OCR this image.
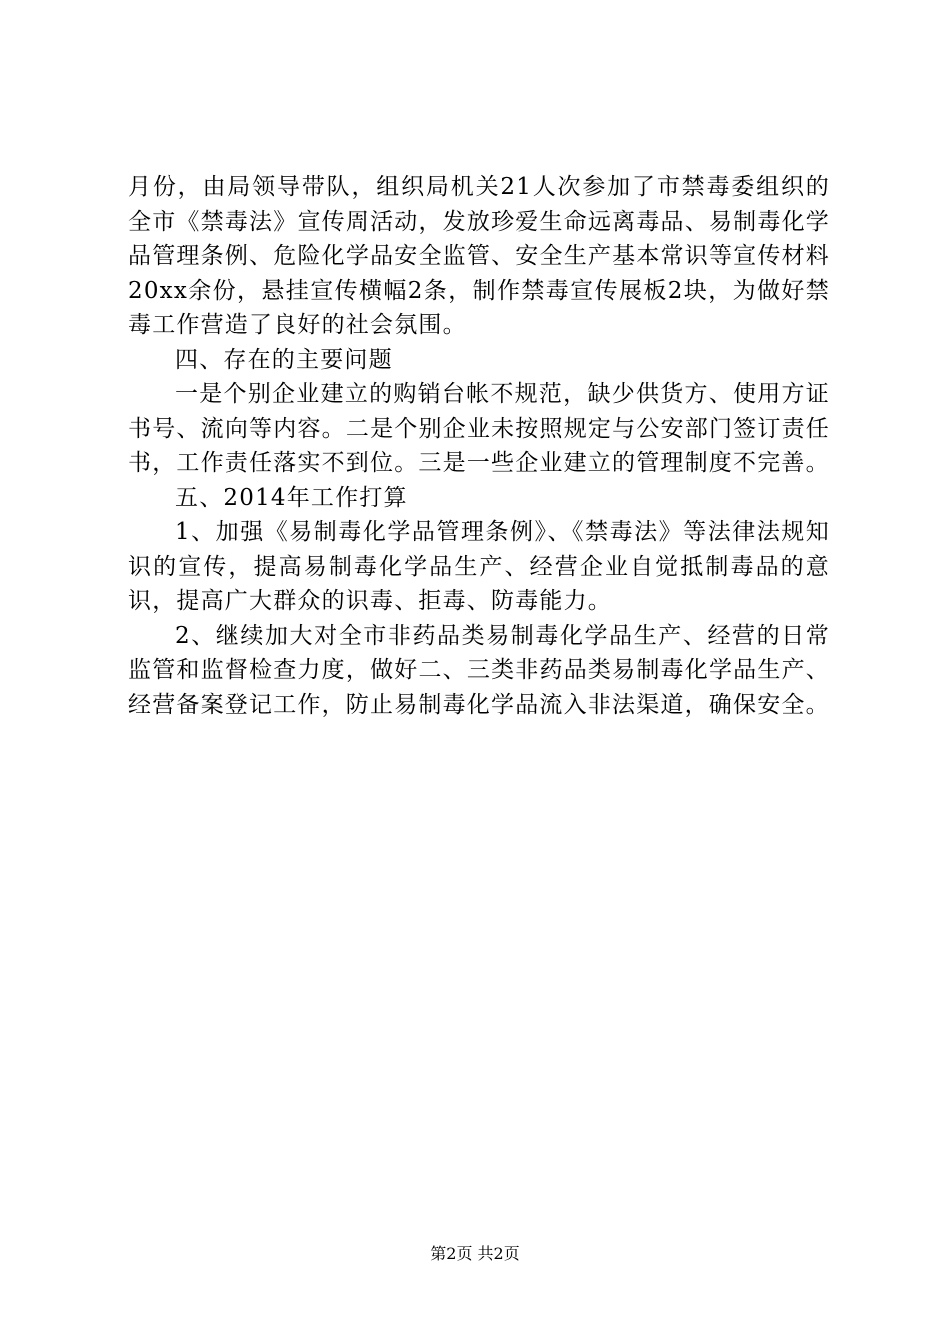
月份，由局领导带队，组织局机关21人次参加了市禁毒委组织的全市《禁毒法》宣传周活动，发放珍爱生命远离毒品、易制毒化学品管理条例、危险化学品安全监管、安全生产基本常识等宣传材料20xx余份，悬挂宣传横幅2条，制作禁毒宣传展板2块，为做好禁毒工作营造了良好的社会氛围。

四、存在的主要问题

一是个别企业建立的购销台帐不规范，缺少供货方、使用方证书号、流向等内容。二是个别企业未按照规定与公安部门签订责任书，工作责任落实不到位。三是一些企业建立的管理制度不完善。

五、2014年工作打算

1、加强《易制毒化学品管理条例》、《禁毒法》等法律法规知识的宣传，提高易制毒化学品生产、经营企业自觉抵制毒品的意识，提高广大群众的识毒、拒毒、防毒能力。

2、继续加大对全市非药品类易制毒化学品生产、经营的日常监管和监督检查力度，做好二、三类非药品类易制毒化学品生产、经营备案登记工作，防止易制毒化学品流入非法渠道，确保安全。

第2页 共2页
